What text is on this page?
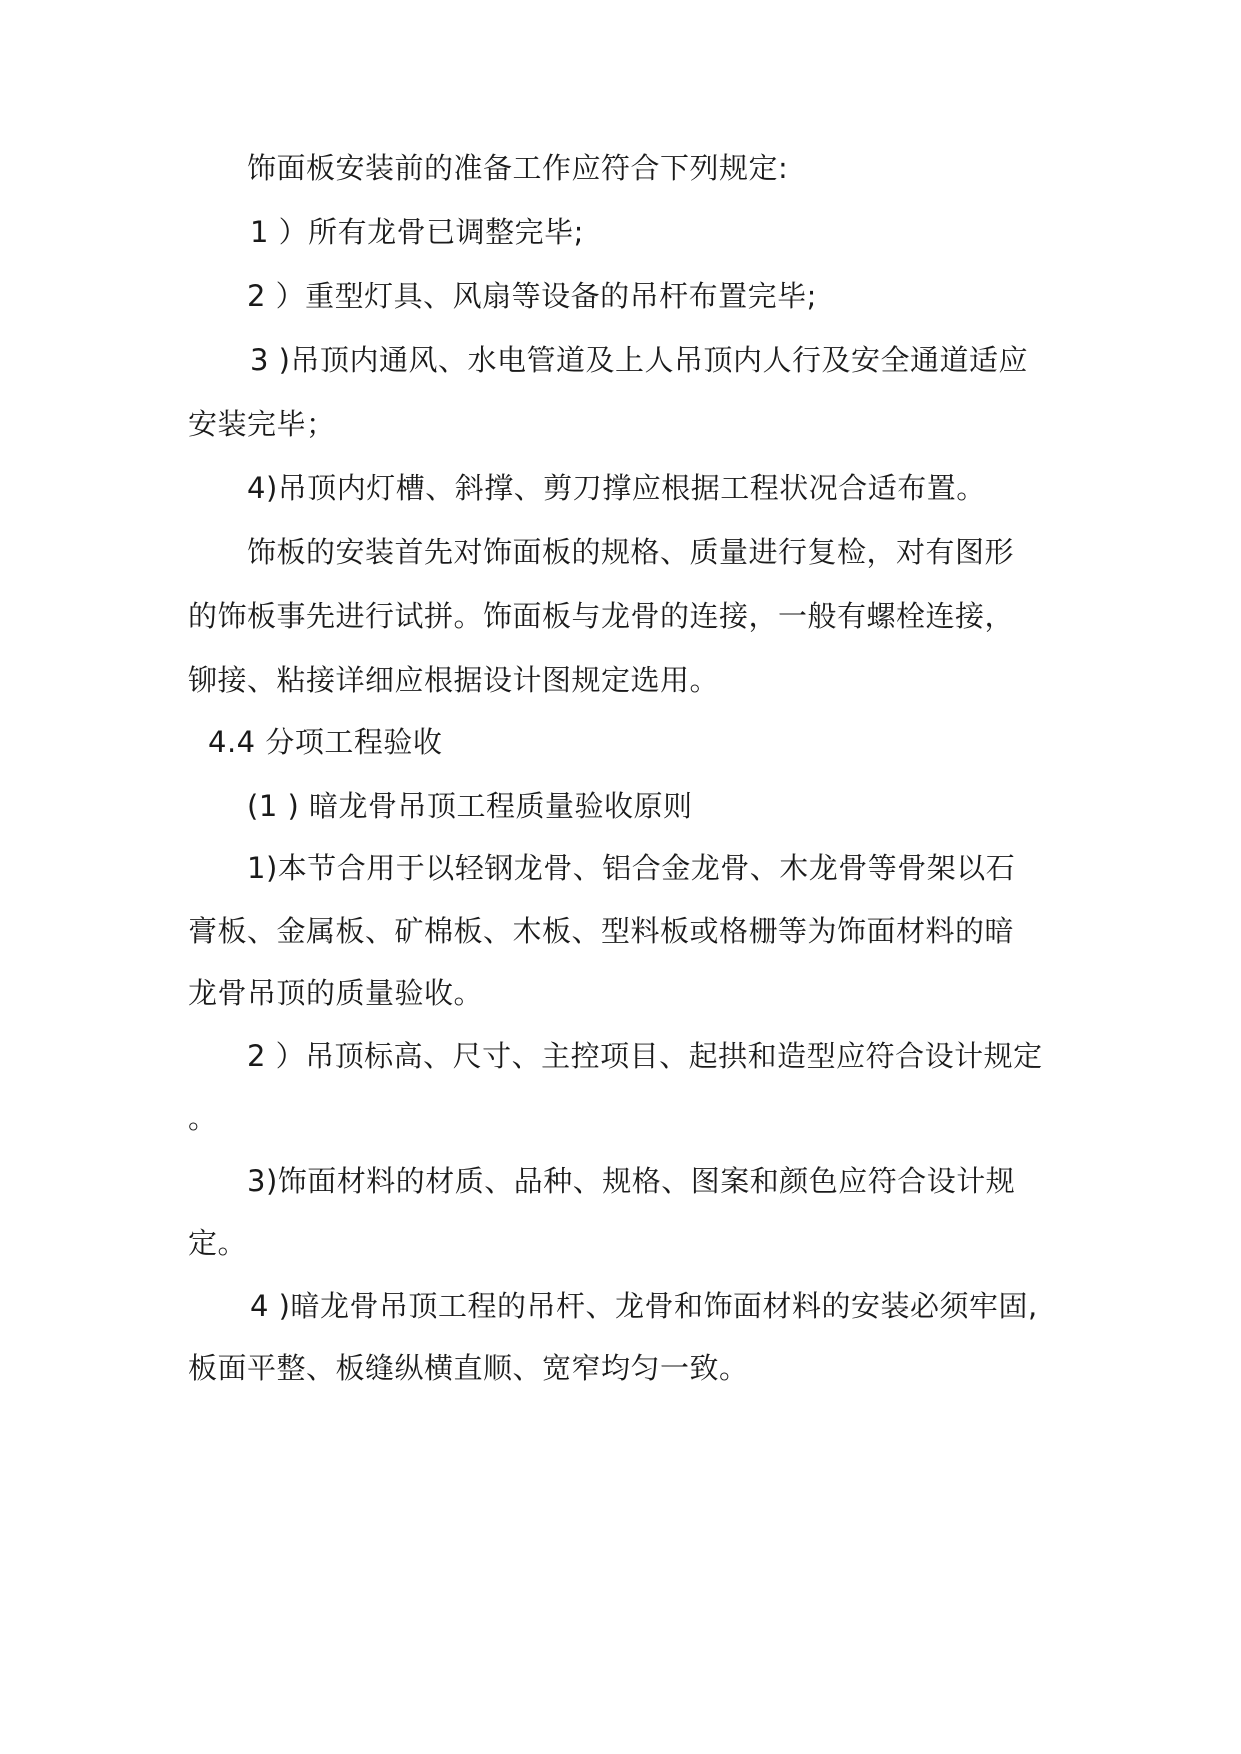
饰面板安装前的准备工作应符合下列规定:
1 ）所有龙骨已调整完毕;
2 ）重型灯具、风扇等设备的吊杆布置完毕;
3 )吊顶内通风、水电管道及上人吊顶内人行及安全通道适应
安装完毕；
4)吊顶内灯槽、斜撑、剪刀撑应根据工程状况合适布置。
饰板的安装首先对饰面板的规格、质量进行复检，对有图形
的饰板事先进行试拼。饰面板与龙骨的连接，一般有螺栓连接，
铆接、粘接详细应根据设计图规定选用。
4.4 分项工程验收
(1 ) 暗龙骨吊顶工程质量验收原则
1)本节合用于以轻钢龙骨、铝合金龙骨、木龙骨等骨架以石
膏板、金属板、矿棉板、木板、型料板或格栅等为饰面材料的暗
龙骨吊顶的质量验收。
2 ）吊顶标高、尺寸、主控项目、起拱和造型应符合设计规定
。
3)饰面材料的材质、品种、规格、图案和颜色应符合设计规
定。
4 )暗龙骨吊顶工程的吊杆、龙骨和饰面材料的安装必须牢固,
板面平整、板缝纵横直顺、宽窄均匀一致。
